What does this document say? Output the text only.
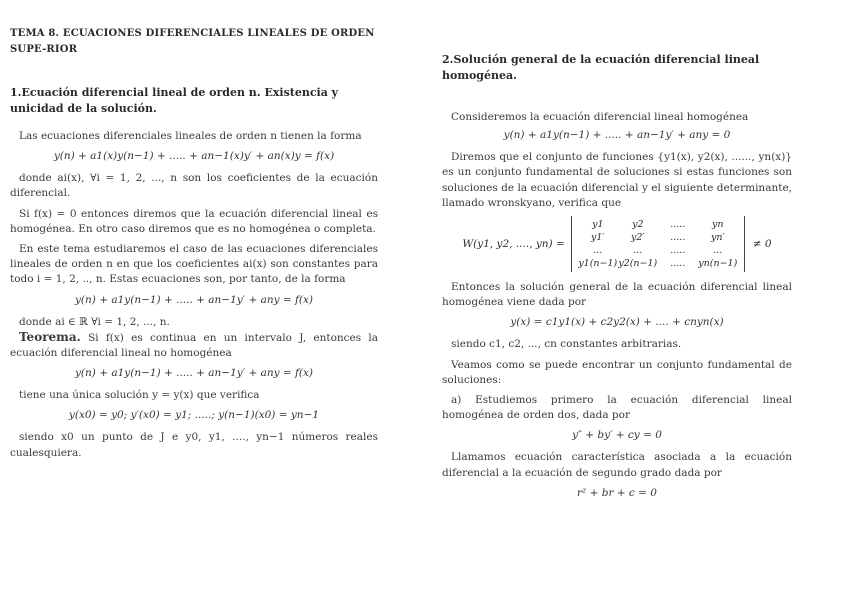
TEMA 8. ECUACIONES DIFERENCIALES LINEALES DE ORDEN SUPE-RIOR

1.Ecuación diferencial lineal de orden n. Existencia y unicidad de la solución.

Las ecuaciones diferenciales lineales de orden n tienen la forma

y(n) + a1(x)y(n−1) + ..... + an−1(x)y′ + an(x)y = f(x)

donde ai(x), ∀i = 1, 2, ..., n son los coeficientes de la ecuación diferencial.

Si f(x) = 0 entonces diremos que la ecuación diferencial lineal es homogénea. En otro caso diremos que es no homogénea o completa.

En este tema estudiaremos el caso de las ecuaciones diferenciales lineales de orden n en que los coeficientes ai(x) son constantes para todo i = 1, 2, .., n. Estas ecuaciones son, por tanto, de la forma

y(n) + a1y(n−1) + ..... + an−1y′ + any = f(x)

donde ai ∈ ℝ ∀i = 1, 2, ..., n.

Teorema. Si f(x) es continua en un intervalo J, entonces la ecuación diferencial lineal no homogénea

y(n) + a1y(n−1) + ..... + an−1y′ + any = f(x)

tiene una única solución y = y(x) que verifica

y(x0) = y0; y′(x0) = y1; .....; y(n−1)(x0) = yn−1

siendo x0 un punto de J e y0, y1, ...., yn−1 números reales cualesquiera.

2.Solución general de la ecuación diferencial lineal homogénea.

Consideremos la ecuación diferencial lineal homogénea

y(n) + a1y(n−1) + ..... + an−1y′ + any = 0

Diremos que el conjunto de funciones {y1(x), y2(x), ......, yn(x)} es un conjunto fundamental de soluciones si estas funciones son soluciones de la ecuación diferencial y el siguiente determinante, llamado wronskyano, verifica que

W(y1, y2, ...., yn) =
y1	y2	.....	yn
y1′	y2′	.....	yn′
...	...	.....	...
y1(n−1) y2(n−1)	.....	yn(n−1)
≠ 0

Entonces la solución general de la ecuación diferencial lineal homogénea viene dada por

y(x) = c1y1(x) + c2y2(x) + .... + cnyn(x)

siendo c1, c2, ..., cn constantes arbitrarias.

Veamos como se puede encontrar un conjunto fundamental de soluciones:

a) Estudiemos primero la ecuación diferencial lineal homogénea de orden dos, dada por

y″ + by′ + cy = 0

Llamamos ecuación característica asociada a la ecuación diferencial a la ecuación de segundo grado dada por

r² + br + c = 0
